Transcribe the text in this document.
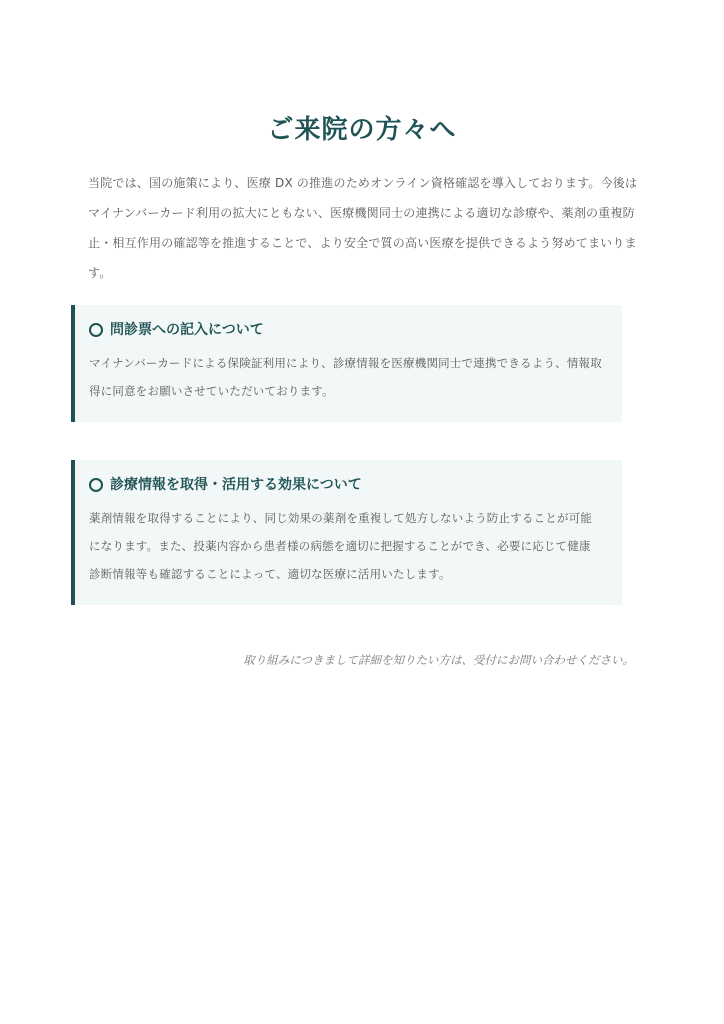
ご来院の方々へ

当院では、国の施策により、医療 DX の推進のためオンライン資格確認を導入しております。今後はマイナンバーカード利用の拡大にともない、医療機関同士の連携による適切な診療や、薬剤の重複防止・相互作用の確認等を推進することで、より安全で質の高い医療を提供できるよう努めてまいります。

問診票への記入について

マイナンバーカードによる保険証利用により、診療情報を医療機関同士で連携できるよう、情報取得に同意をお願いさせていただいております。

診療情報を取得・活用する効果について

薬剤情報を取得することにより、同じ効果の薬剤を重複して処方しないよう防止することが可能になります。また、投薬内容から患者様の病態を適切に把握することができ、必要に応じて健康診断情報等も確認することによって、適切な医療に活用いたします。

取り組みにつきまして詳細を知りたい方は、受付にお問い合わせください。
